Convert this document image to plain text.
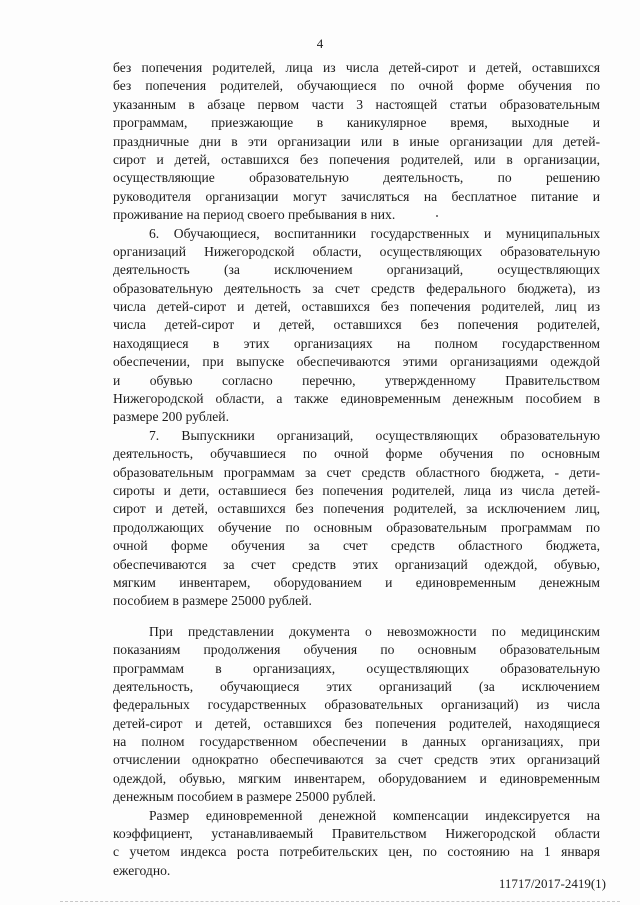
4
без попечения родителей, лица из числа детей-сирот и детей, оставшихся
без попечения родителей, обучающиеся по очной форме обучения по
указанным в абзаце первом части 3 настоящей статьи образовательным
программам, приезжающие в каникулярное время, выходные и
праздничные дни в эти организации или в иные организации для детей-
сирот и детей, оставшихся без попечения родителей, или в организации,
осуществляющие образовательную деятельность, по решению
руководителя организации могут зачисляться на бесплатное питание и
проживание на период своего пребывания в них.
6. Обучающиеся, воспитанники государственных и муниципальных
организаций Нижегородской области, осуществляющих образовательную
деятельность (за исключением организаций, осуществляющих
образовательную деятельность за счет средств федерального бюджета), из
числа детей-сирот и детей, оставшихся без попечения родителей, лиц из
числа детей-сирот и детей, оставшихся без попечения родителей,
находящиеся в этих организациях на полном государственном
обеспечении, при выпуске обеспечиваются этими организациями одеждой
и обувью согласно перечню, утвержденному Правительством
Нижегородской области, а также единовременным денежным пособием в
размере 200 рублей.
7. Выпускники организаций, осуществляющих образовательную
деятельность, обучавшиеся по очной форме обучения по основным
образовательным программам за счет средств областного бюджета, - дети-
сироты и дети, оставшиеся без попечения родителей, лица из числа детей-
сирот и детей, оставшихся без попечения родителей, за исключением лиц,
продолжающих обучение по основным образовательным программам по
очной форме обучения за счет средств областного бюджета,
обеспечиваются за счет средств этих организаций одеждой, обувью,
мягким инвентарем, оборудованием и единовременным денежным
пособием в размере 25000 рублей.
При представлении документа о невозможности по медицинским
показаниям продолжения обучения по основным образовательным
программам в организациях, осуществляющих образовательную
деятельность, обучающиеся этих организаций (за исключением
федеральных государственных образовательных организаций) из числа
детей-сирот и детей, оставшихся без попечения родителей, находящиеся
на полном государственном обеспечении в данных организациях, при
отчислении однократно обеспечиваются за счет средств этих организаций
одеждой, обувью, мягким инвентарем, оборудованием и единовременным
денежным пособием в размере 25000 рублей.
Размер единовременной денежной компенсации индексируется на
коэффициент, устанавливаемый Правительством Нижегородской области
с учетом индекса роста потребительских цен, по состоянию на 1 января
ежегодно.
11717/2017-2419(1)
